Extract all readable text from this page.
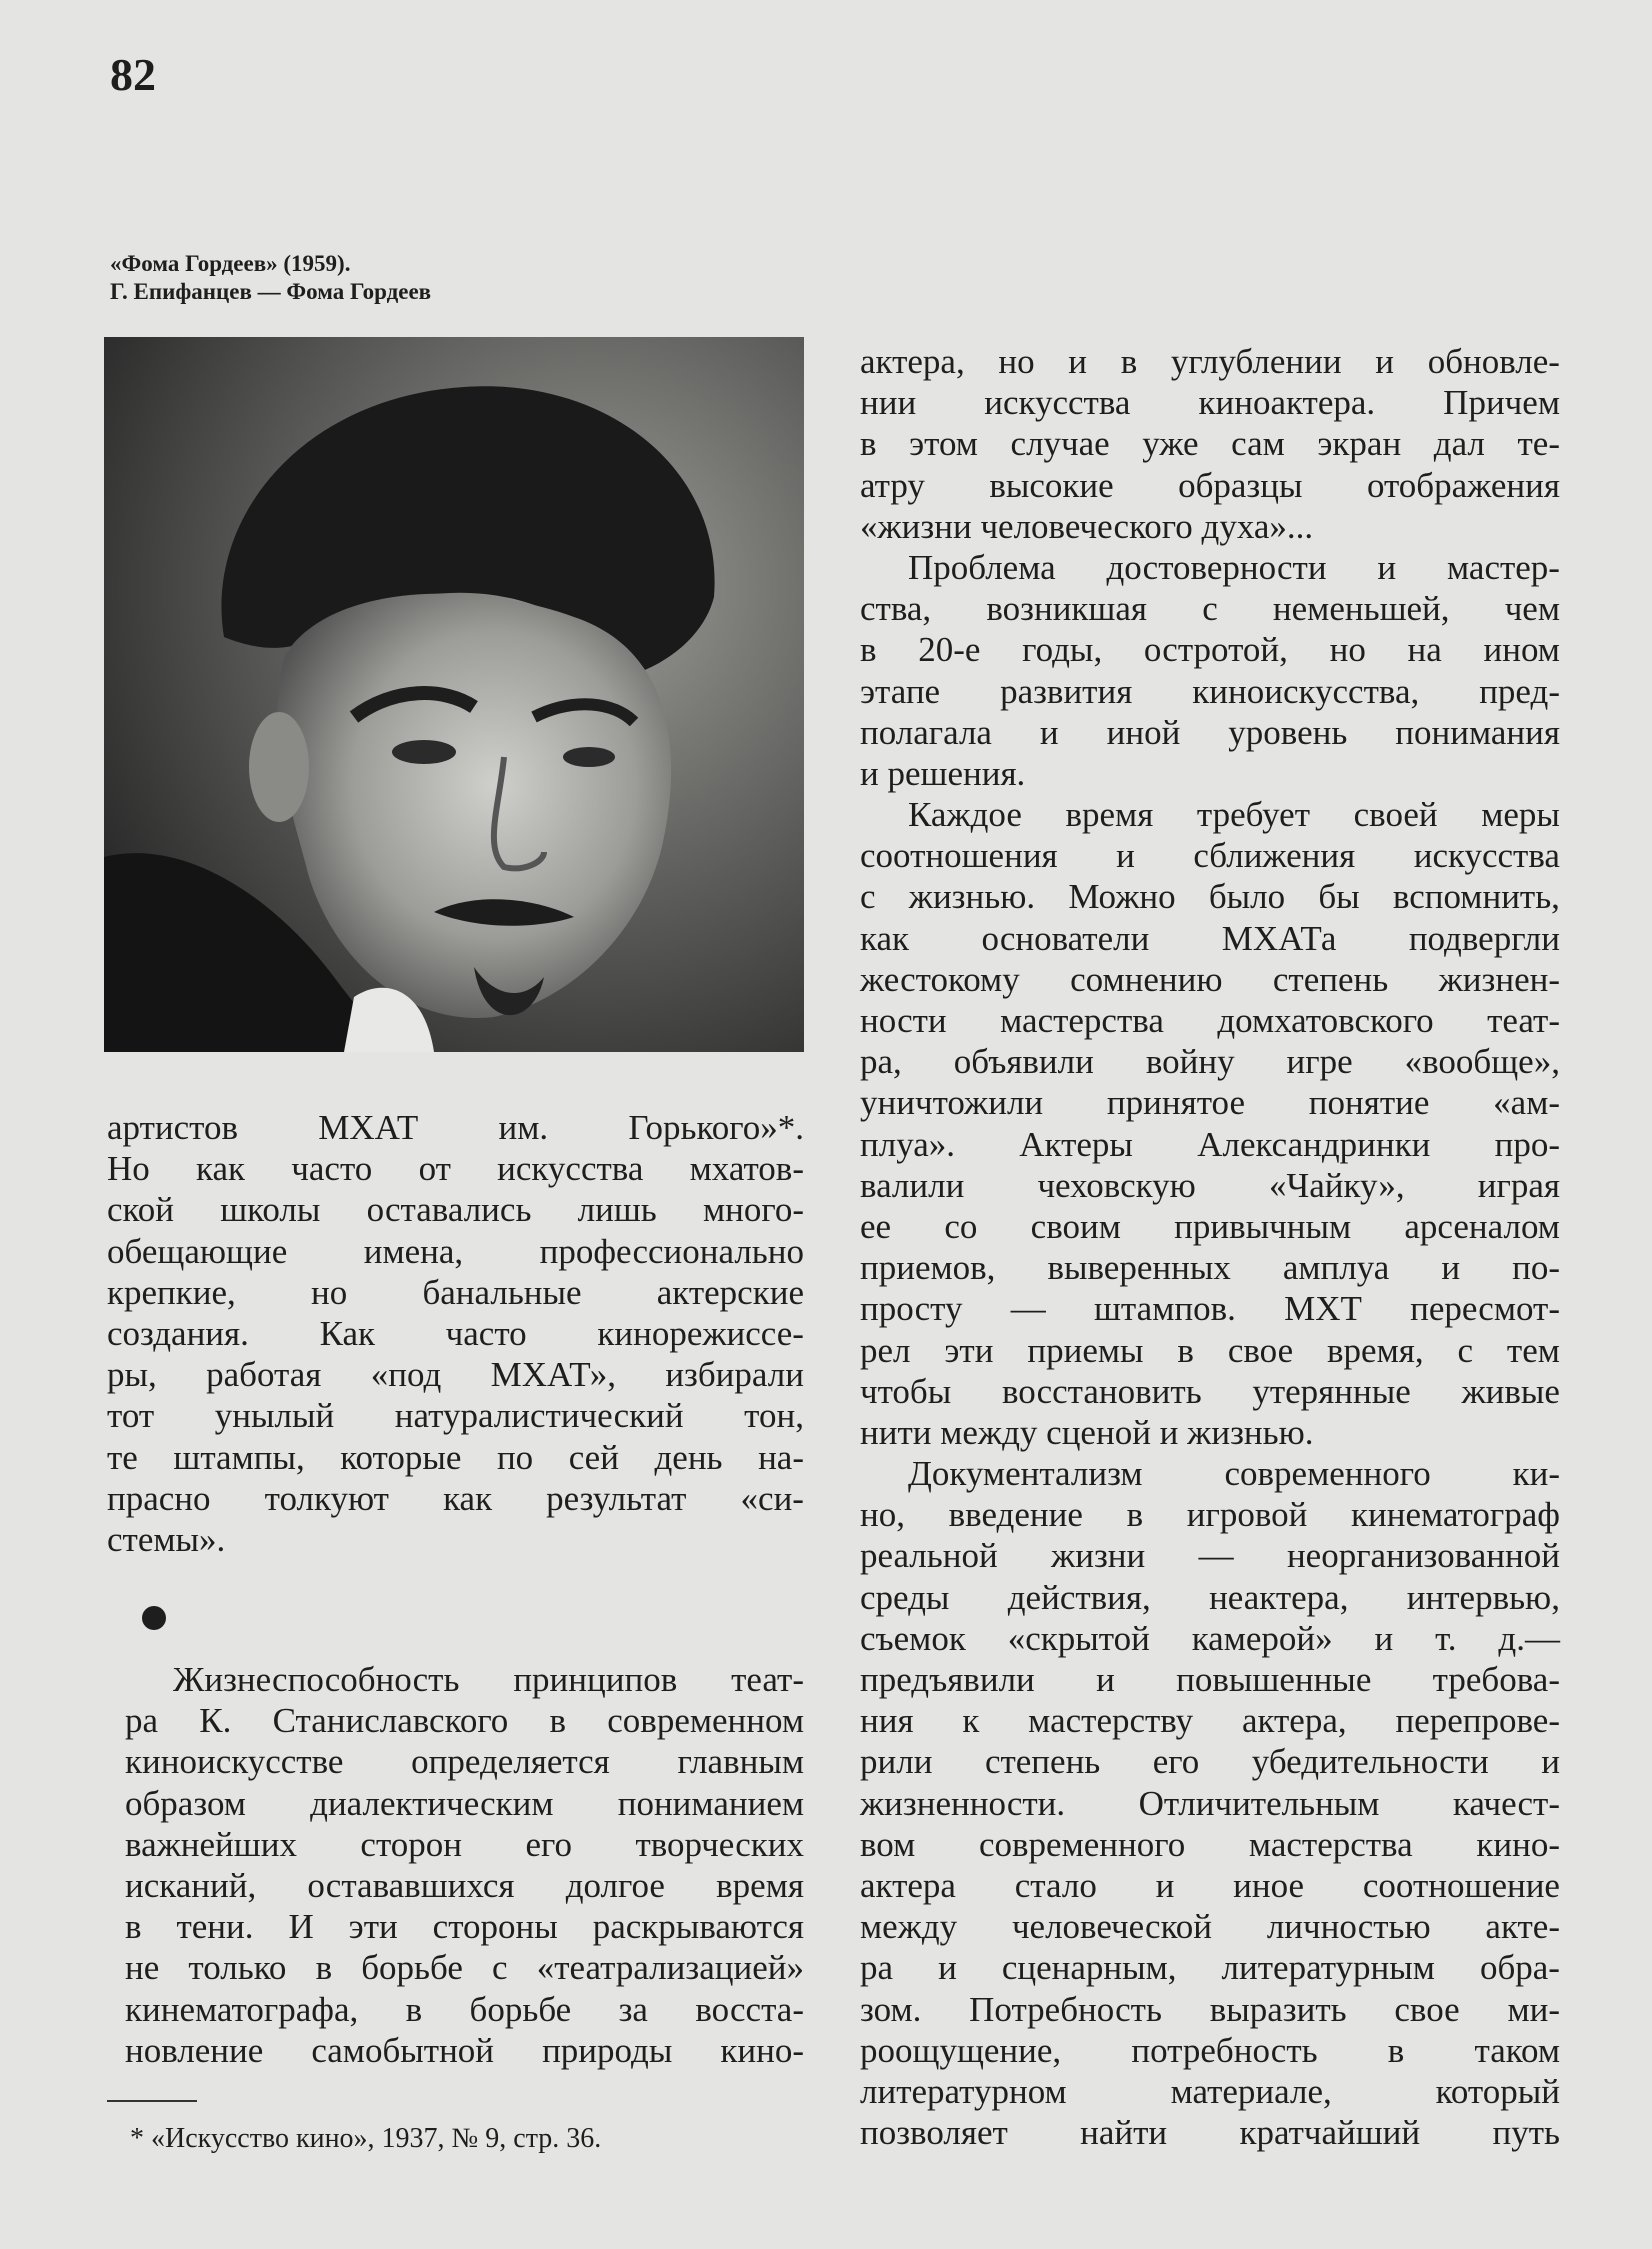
82
«Фома Гордеев» (1959).
Г. Епифанцев — Фома Гордеев
артистов МХАТ им. Горького»*.
Но как часто от искусства мхатов-
ской школы оставались лишь много-
обещающие имена, профессионально
крепкие, но банальные актерские
создания. Как часто кинорежиссе-
ры, работая «под МХАТ», избирали
тот унылый натуралистический тон,
те штампы, которые по сей день на-
прасно толкуют как результат «си-
стемы».
Жизнеспособность принципов теат-
ра К. Станиславского в современном
киноискусстве определяется главным
образом диалектическим пониманием
важнейших сторон его творческих
исканий, остававшихся долгое время
в тени. И эти стороны раскрываются
не только в борьбе с «театрализацией»
кинематографа, в борьбе за восста-
новление самобытной природы кино-
актера, но и в углублении и обновле-
нии искусства киноактера. Причем
в этом случае уже сам экран дал те-
атру высокие образцы отображения
«жизни человеческого духа»...
Проблема достоверности и мастер-
ства, возникшая с неменьшей, чем
в 20-е годы, остротой, но на ином
этапе развития киноискусства, пред-
полагала и иной уровень понимания
и решения.
Каждое время требует своей меры
соотношения и сближения искусства
с жизнью. Можно было бы вспомнить,
как основатели МХАТа подвергли
жестокому сомнению степень жизнен-
ности мастерства домхатовского теат-
ра, объявили войну игре «вообще»,
уничтожили принятое понятие «ам-
плуа». Актеры Александринки про-
валили чеховскую «Чайку», играя
ее со своим привычным арсеналом
приемов, выверенных амплуа и по-
просту — штампов. МХТ пересмот-
рел эти приемы в свое время, с тем
чтобы восстановить утерянные живые
нити между сценой и жизнью.
Документализм современного ки-
но, введение в игровой кинематограф
реальной жизни — неорганизованной
среды действия, неактера, интервью,
съемок «скрытой камерой» и т. д.—
предъявили и повышенные требова-
ния к мастерству актера, перепрове-
рили степень его убедительности и
жизненности. Отличительным качест-
вом современного мастерства кино-
актера стало и иное соотношение
между человеческой личностью акте-
ра и сценарным, литературным обра-
зом. Потребность выразить свое ми-
роощущение, потребность в таком
литературном	материале,	который
позволяет найти кратчайший путь
* «Искусство кино», 1937, № 9, стр. 36.
